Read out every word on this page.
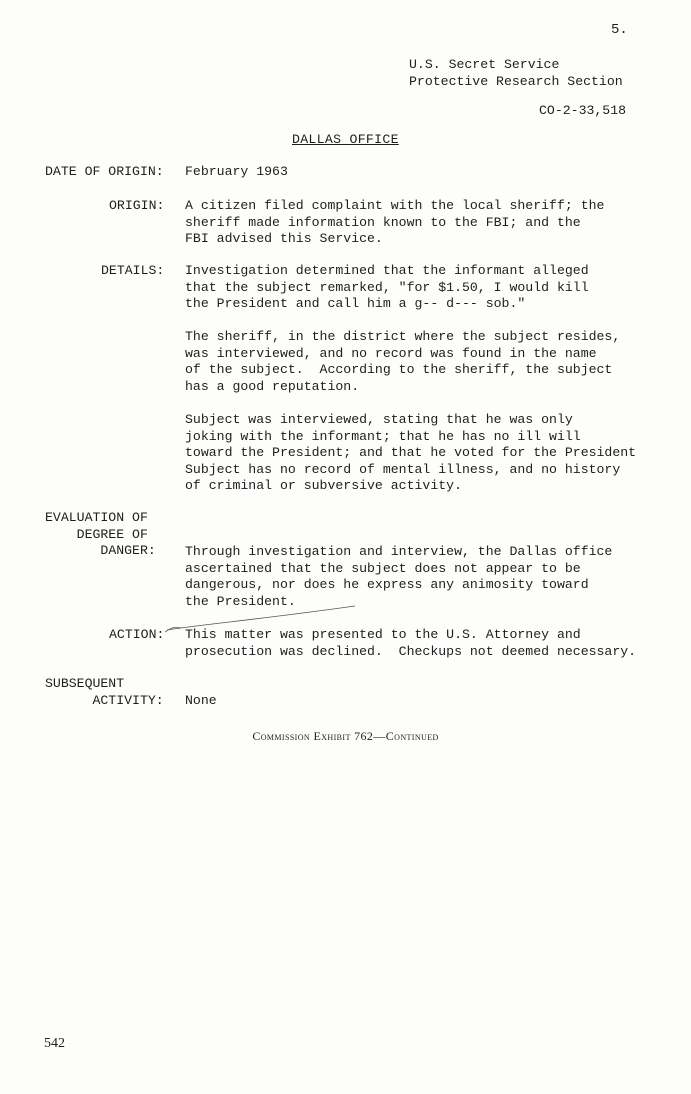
5.
U.S. Secret Service
Protective Research Section
CO-2-33,518
DALLAS OFFICE
DATE OF ORIGIN: February 1963
ORIGIN: A citizen filed complaint with the local sheriff; the
sheriff made information known to the FBI; and the
FBI advised this Service.
DETAILS: Investigation determined that the informant alleged
that the subject remarked, "for $1.50, I would kill
the President and call him a g-- d--- sob."
The sheriff, in the district where the subject resides,
was interviewed, and no record was found in the name
of the subject.  According to the sheriff, the subject
has a good reputation.
Subject was interviewed, stating that he was only
joking with the informant; that he has no ill will
toward the President; and that he voted for the President
Subject has no record of mental illness, and no history
of criminal or subversive activity.
EVALUATION OF
DEGREE OF
DANGER: Through investigation and interview, the Dallas office
ascertained that the subject does not appear to be
dangerous, nor does he express any animosity toward
the President.
ACTION: This matter was presented to the U.S. Attorney and
prosecution was declined.  Checkups not deemed necessary.
SUBSEQUENT
ACTIVITY: None
Commission Exhibit 762—Continued
542
